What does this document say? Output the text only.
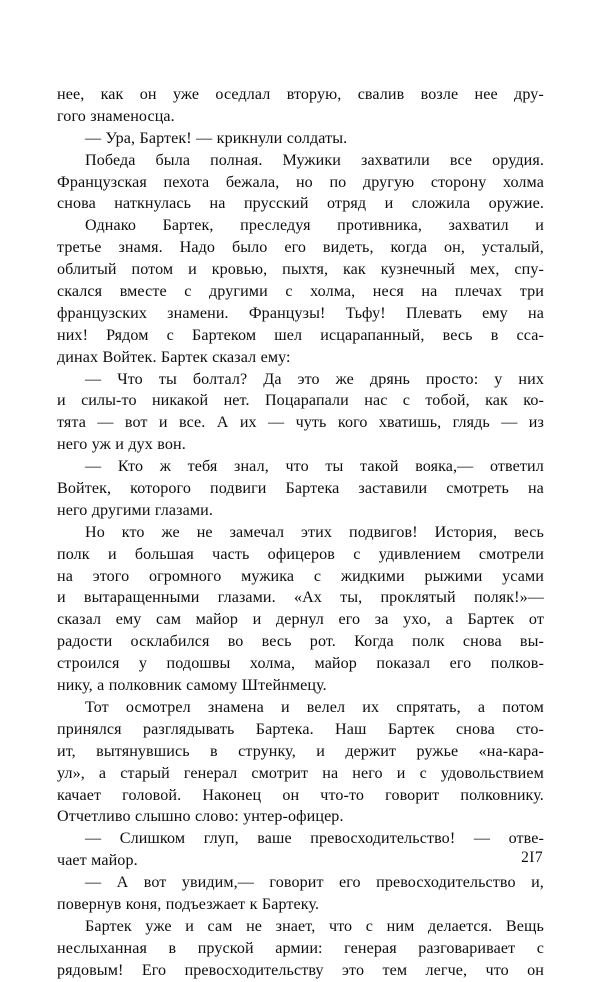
нее, как он уже оседлал вторую, свалив возле нее дру-
гого знаменосца.
— Ура, Бартек! — крикнули солдаты.
Победа была полная. Мужики захватили все орудия.
Французская пехота бежала, но по другую сторону холма
снова наткнулась на прусский отряд и сложила оружие.
Однако Бартек, преследуя противника, захватил и
третье знамя. Надо было его видеть, когда он, усталый,
облитый потом и кровью, пыхтя, как кузнечный мех, спу-
скался вместе с другими с холма, неся на плечах три
французских знамени. Французы! Тьфу! Плевать ему на
них! Рядом с Бартеком шел исцарапанный, весь в сса-
динах Войтек. Бартек сказал ему:
— Что ты болтал? Да это же дрянь просто: у них
и силы-то никакой нет. Поцарапали нас с тобой, как ко-
тята — вот и все. А их — чуть кого хватишь, глядь — из
него уж и дух вон.
— Кто ж тебя знал, что ты такой вояка,— ответил
Войтек, которого подвиги Бартека заставили смотреть на
него другими глазами.
Но кто же не замечал этих подвигов! История, весь
полк и большая часть офицеров с удивлением смотрели
на этого огромного мужика с жидкими рыжими усами
и вытаращенными глазами. «Ах ты, проклятый поляк!»—
сказал ему сам майор и дернул его за ухо, а Бартек от
радости осклабился во весь рот. Когда полк снова вы-
строился у подошвы холма, майор показал его полков-
нику, а полковник самому Штейнмецу.
Тот осмотрел знамена и велел их спрятать, а потом
принялся разглядывать Бартека. Наш Бартек снова сто-
ит, вытянувшись в струнку, и держит ружье «на-кара-
ул», а старый генерал смотрит на него и с удовольствием
качает головой. Наконец он что-то говорит полковнику.
Отчетливо слышно слово: унтер-офицер.
— Слишком глуп, ваше превосходительство! — отве-
чает майор.
— А вот увидим,— говорит его превосходительство и,
повернув коня, подъезжает к Бартеку.
Бартек уже и сам не знает, что с ним делается. Вещь
неслыханная в пруской армии: генерая разговаривает с
рядовым! Его превосходительству это тем легче, что он
2I7
